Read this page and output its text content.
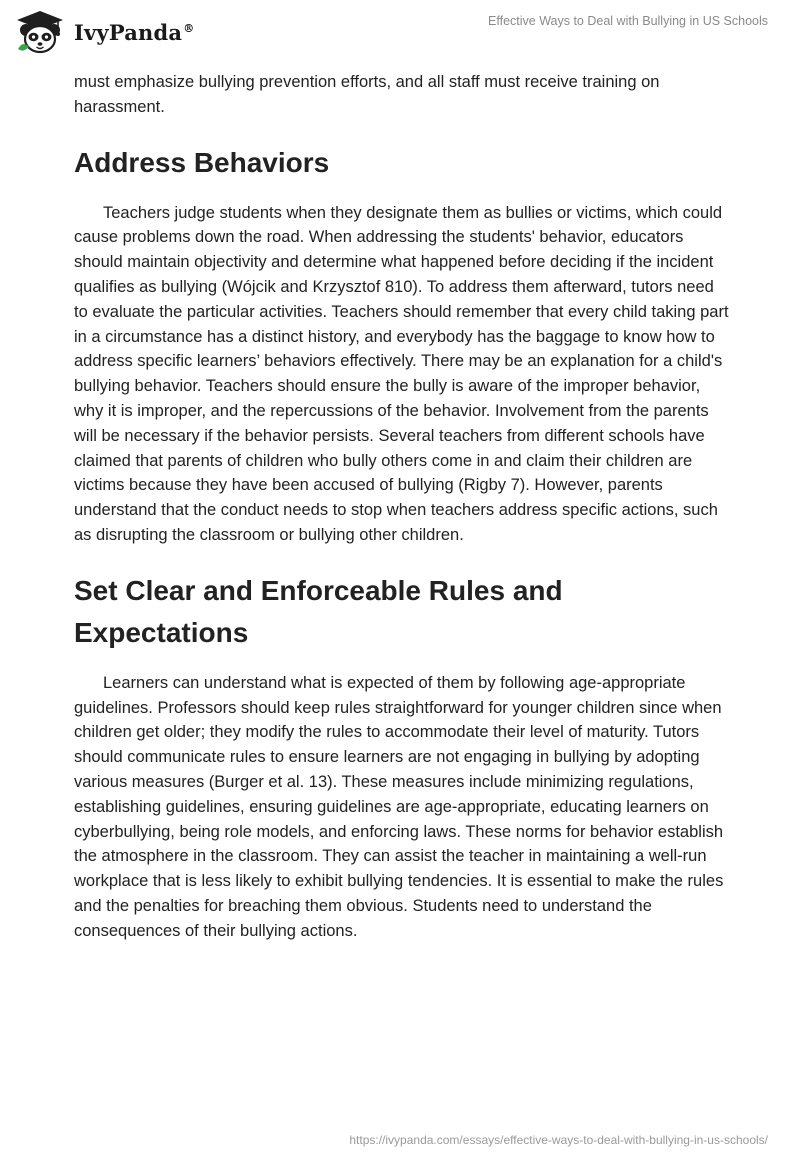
IvyPanda®	Effective Ways to Deal with Bullying in US Schools

must emphasize bullying prevention efforts, and all staff must receive training on harassment.

Address Behaviors

Teachers judge students when they designate them as bullies or victims, which could cause problems down the road. When addressing the students' behavior, educators should maintain objectivity and determine what happened before deciding if the incident qualifies as bullying (Wójcik and Krzysztof 810). To address them afterward, tutors need to evaluate the particular activities. Teachers should remember that every child taking part in a circumstance has a distinct history, and everybody has the baggage to know how to address specific learners’ behaviors effectively. There may be an explanation for a child's bullying behavior. Teachers should ensure the bully is aware of the improper behavior, why it is improper, and the repercussions of the behavior. Involvement from the parents will be necessary if the behavior persists. Several teachers from different schools have claimed that parents of children who bully others come in and claim their children are victims because they have been accused of bullying (Rigby 7). However, parents understand that the conduct needs to stop when teachers address specific actions, such as disrupting the classroom or bullying other children.

Set Clear and Enforceable Rules and Expectations

Learners can understand what is expected of them by following age-appropriate guidelines. Professors should keep rules straightforward for younger children since when children get older; they modify the rules to accommodate their level of maturity. Tutors should communicate rules to ensure learners are not engaging in bullying by adopting various measures (Burger et al. 13). These measures include minimizing regulations, establishing guidelines, ensuring guidelines are age-appropriate, educating learners on cyberbullying, being role models, and enforcing laws. These norms for behavior establish the atmosphere in the classroom. They can assist the teacher in maintaining a well-run workplace that is less likely to exhibit bullying tendencies. It is essential to make the rules and the penalties for breaching them obvious. Students need to understand the consequences of their bullying actions.

https://ivypanda.com/essays/effective-ways-to-deal-with-bullying-in-us-schools/
